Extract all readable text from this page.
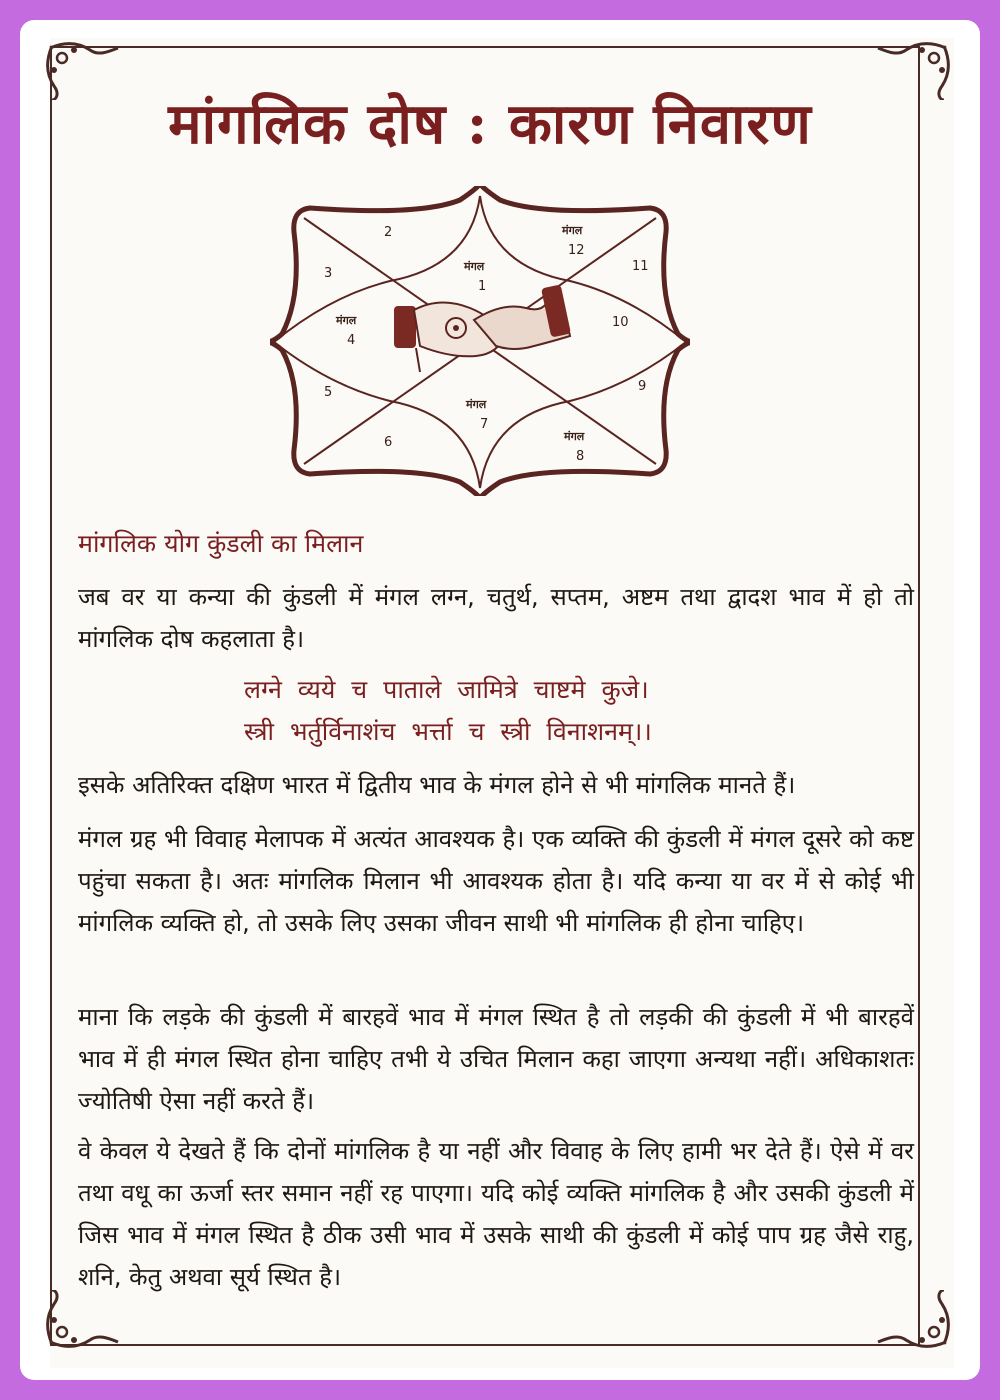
मांगलिक दोष : कारण निवारण
2
3
1
12
11
4
10
5	9
7
6
8
मंगल
मंगल
मंगल
मंगल
मंगल
मांगलिक योग कुंडली का मिलान

जब वर या कन्या की कुंडली में मंगल लग्न, चतुर्थ, सप्तम, अष्टम तथा द्वादश भाव में हो तो मांगलिक दोष कहलाता है।

लग्ने व्यये च पाताले जामित्रे चाष्टमे कुजे।
स्त्री भर्तुर्विनाशंच भर्त्ता च स्त्री विनाशनम्।।

इसके अतिरिक्त दक्षिण भारत में द्वितीय भाव के मंगल होने से भी मांगलिक मानते हैं।

मंगल ग्रह भी विवाह मेलापक में अत्यंत आवश्यक है। एक व्यक्ति की कुंडली में मंगल दूसरे को कष्ट पहुंचा सकता है। अतः मांगलिक मिलान भी आवश्यक होता है। यदि कन्या या वर में से कोई भी मांगलिक व्यक्ति हो, तो उसके लिए उसका जीवन साथी भी मांगलिक ही होना चाहिए।

माना कि लड़के की कुंडली में बारहवें भाव में मंगल स्थित है तो लड़की की कुंडली में भी बारहवें भाव में ही मंगल स्थित होना चाहिए तभी ये उचित मिलान कहा जाएगा अन्यथा नहीं। अधिकाशतः ज्योतिषी ऐसा नहीं करते हैं।

वे केवल ये देखते हैं कि दोनों मांगलिक है या नहीं और विवाह के लिए हामी भर देते हैं। ऐसे में वर तथा वधू का ऊर्जा स्तर समान नहीं रह पाएगा। यदि कोई व्यक्ति मांगलिक है और उसकी कुंडली में जिस भाव में मंगल स्थित है ठीक उसी भाव में उसके साथी की कुंडली में कोई पाप ग्रह जैसे राहु, शनि, केतु अथवा सूर्य स्थित है।
